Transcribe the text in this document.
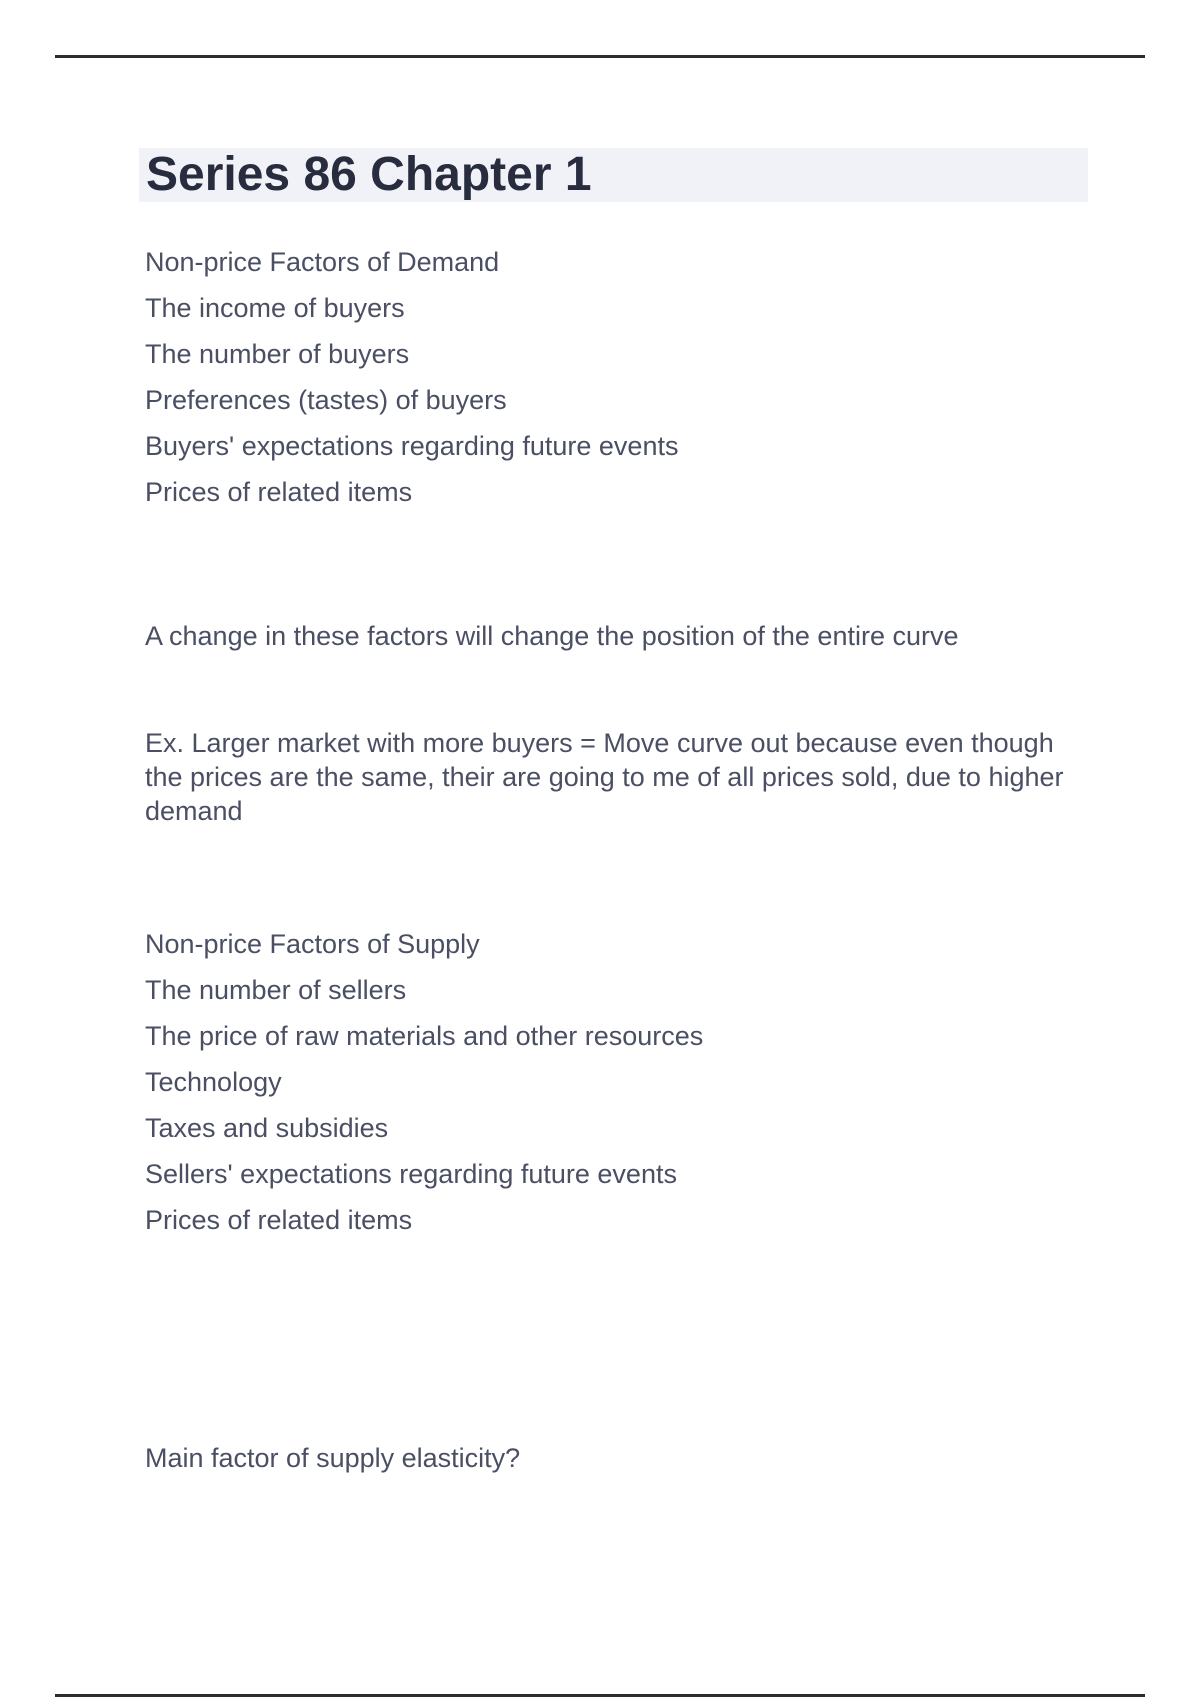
Series 86 Chapter 1

Non-price Factors of Demand

The income of buyers

The number of buyers

Preferences (tastes) of buyers

Buyers' expectations regarding future events

Prices of related items

A change in these factors will change the position of the entire curve

Ex. Larger market with more buyers = Move curve out because even though the prices are the same, their are going to me of all prices sold, due to higher demand

Non-price Factors of Supply

The number of sellers

The price of raw materials and other resources

Technology

Taxes and subsidies

Sellers' expectations regarding future events

Prices of related items

Main factor of supply elasticity?
